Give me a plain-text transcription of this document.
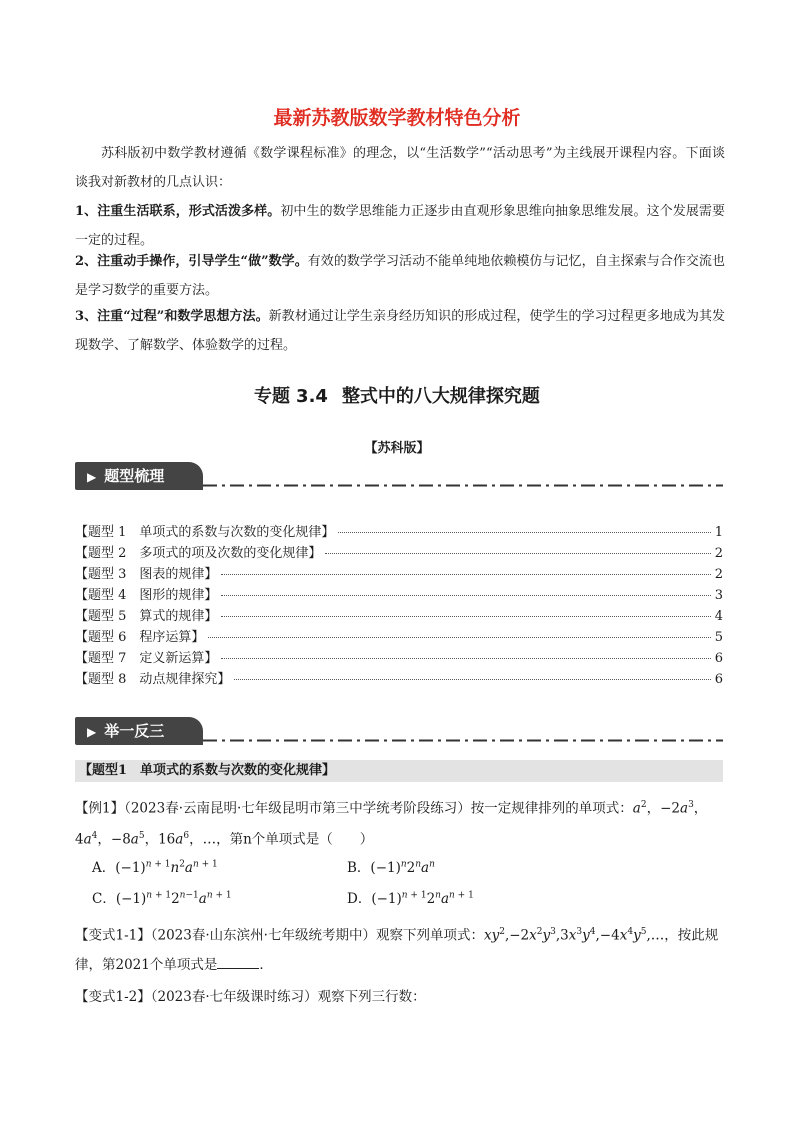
最新苏教版数学教材特色分析
苏科版初中数学教材遵循《数学课程标准》的理念，以“生活数学”“活动思考”为主线展开课程内容。下面谈谈我对新教材的几点认识：
1、注重生活联系，形式活泼多样。初中生的数学思维能力正逐步由直观形象思维向抽象思维发展。这个发展需要一定的过程。
2、注重动手操作，引导学生“做”数学。有效的数学学习活动不能单纯地依赖模仿与记忆，自主探索与合作交流也是学习数学的重要方法。
3、注重“过程”和数学思想方法。新教材通过让学生亲身经历知识的形成过程，使学生的学习过程更多地成为其发现数学、了解数学、体验数学的过程。
专题 3.4 整式中的八大规律探究题
【苏科版】
▶ 题型梳理
【题型 1　单项式的系数与次数的变化规律】	1
【题型 2　多项式的项及次数的变化规律】	2
【题型 3　图表的规律】	2
【题型 4　图形的规律】	3
【题型 5　算式的规律】	4
【题型 6　程序运算】	5
【题型 7　定义新运算】	6
【题型 8　动点规律探究】	6
▶ 举一反三
【题型1　单项式的系数与次数的变化规律】
【例1】（2023春·云南昆明·七年级昆明市第三中学统考阶段练习）按一定规律排列的单项式：$a^2$，$-2a^3$， $4a^4$，$-8a^5$，$16a^6$，…，第n个单项式是（　　）
A．$(-1)^{n + 1}n^2a^{n + 1}$	B．$(-1)^n2^na^n$
C．$(-1)^{n + 1}2^{n-1}a^{n + 1}$	D．$(-1)^{n + 1}2^na^{n + 1}$
【变式1-1】（2023春·山东滨州·七年级统考期中）观察下列单项式：$xy^2,-2x^2y^3,3x^3y^4,-4x^4y^5,\dots$，按此规律，第2021个单项式是	．
【变式1-2】（2023春·七年级课时练习）观察下列三行数：
